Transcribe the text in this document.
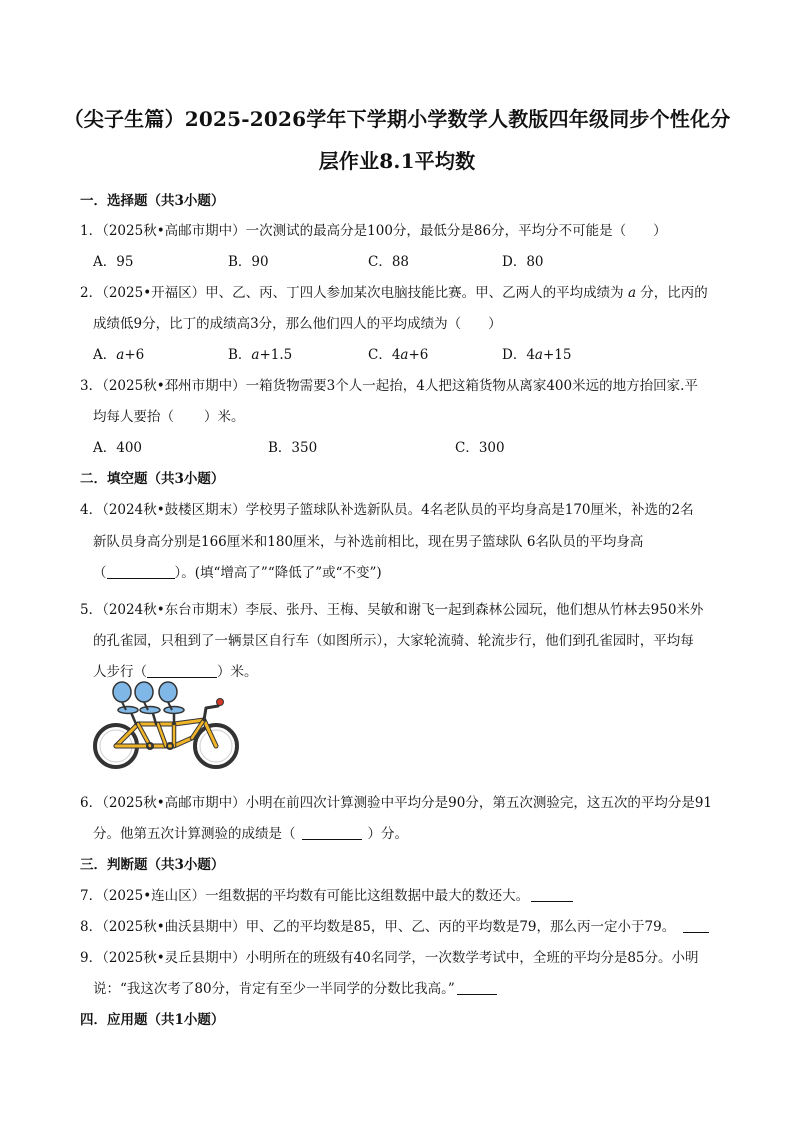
（尖子生篇）2025-2026学年下学期小学数学人教版四年级同步个性化分
层作业8.1平均数
一．选择题（共3小题）
1．（2025秋•高邮市期中）一次测试的最高分是100分，最低分是86分，平均分不可能是（　　）
A．95	B．90	C．88	D．80
2．（2025•开福区）甲、乙、丙、丁四人参加某次电脑技能比赛。甲、乙两人的平均成绩为 a 分，比丙的
成绩低9分，比丁的成绩高3分，那么他们四人的平均成绩为（　　）
A．a+6	B．a+1.5	C．4a+6	D．4a+15
3．（2025秋•邳州市期中）一箱货物需要3个人一起抬，4人把这箱货物从离家400米远的地方抬回家.平
均每人要抬（ ）米。
A．400	B．350	C．300
二．填空题（共3小题）
4．（2024秋•鼓楼区期末）学校男子篮球队补选新队员。4名老队员的平均身高是170厘米，补选的2名
新队员身高分别是166厘米和180厘米，与补选前相比，现在男子篮球队 6名队员的平均身高
（	）。(填“增高了”“降低了”或“不变”)
5．（2024秋•东台市期末）李辰、张丹、王梅、吴敏和谢飞一起到森林公园玩，他们想从竹林去950米外
的孔雀园，只租到了一辆景区自行车（如图所示），大家轮流骑、轮流步行，他们到孔雀园时，平均每
人步行（	）米。
6．（2025秋•高邮市期中）小明在前四次计算测验中平均分是90分，第五次测验完，这五次的平均分是91
分。他第五次计算测验的成绩是（	）分。
三．判断题（共3小题）
7．（2025•连山区）一组数据的平均数有可能比这组数据中最大的数还大。
8．（2025秋•曲沃县期中）甲、乙的平均数是85，甲、乙、丙的平均数是79，那么丙一定小于79。
9．（2025秋•灵丘县期中）小明所在的班级有40名同学，一次数学考试中，全班的平均分是85分。小明
说：“我这次考了80分，肯定有至少一半同学的分数比我高。”
四．应用题（共1小题）
